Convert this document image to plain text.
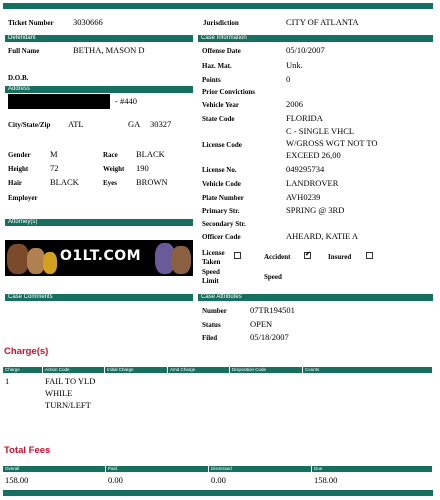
Ticket Number 3030666	Jurisdiction	CITY OF ATLANTA
Defendant
Full Name	BETHA, MASON D
D.O.B.
Address
- #440
City/State/Zip ATL	GA 30327
Gender M	Race BLACK
Height	72	Weight 190
Hair	BLACK	Eyes BROWN
Employer
Attorney(s)
O1LT.COM
Case Information
Offense Date	05/10/2007
Haz. Mat.	Unk.
Points	0
Prior Convictions
Vehicle Year	2006
State Code	FLORIDA
License Code
C - SINGLE VHCL
W/GROSS WGT NOT TO
EXCEED 26,00
License No.	049295734
Vehicle Code	LANDROVER
Plate Number	AVH0239
Primary Str.	SPRING @ 3RD
Secondary Str.
Officer Code	AHEARD, KATIE A
License
Taken
Accident ✔	Insured
Speed
Limit	Speed
Case Comments	Case Attributes
Number	07TR194501
Status	OPEN
Filed	05/18/2007
Charge(s)
Charge	Action Code	Initial Charge	Amd Charge	Disposition Code	Counts
1	FAIL TO YLD
WHILE
TURN/LEFT
Total Fees
Overall	Paid	Dismissed	Due
158.00	0.00	0.00	158.00
